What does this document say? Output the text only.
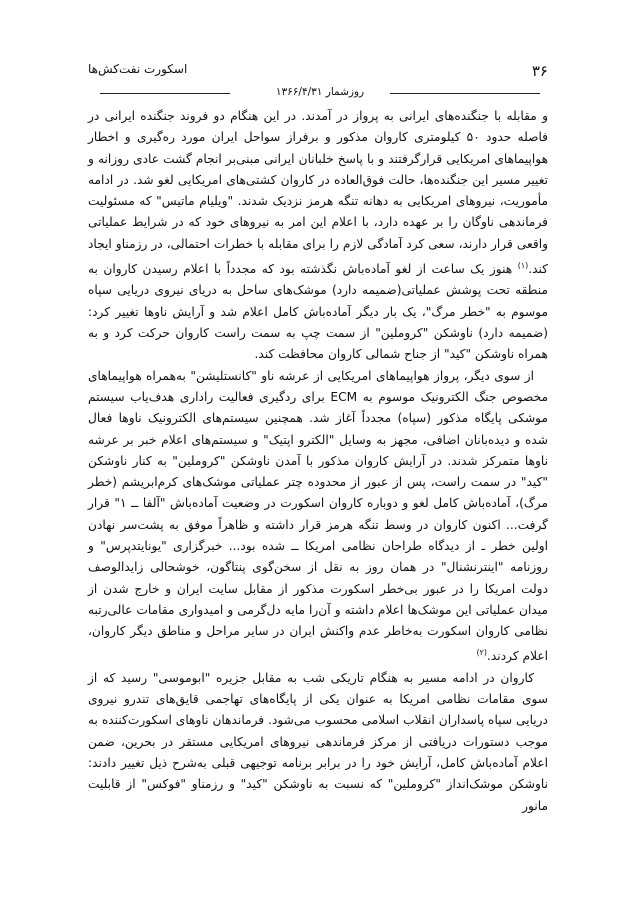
۳۶
اسکورت نفت‌کش‌ها
روزشمار ۱۳۶۶/۴/۳۱

و مقابله با جنگنده‌های ایرانی به پرواز در آمدند. در این هنگام دو فروند جنگنده ایرانی در فاصله حدود ۵۰ کیلومتری کاروان مذکور و برفراز سواحل ایران مورد ره‌گیری و اخطار هواپیماهای امریکایی قرارگرفتند و با پاسخ خلبانان ایرانی مبنی‌بر انجام گشت عادی روزانه و تغییر مسیر این جنگنده‌ها، حالت فوق‌العاده در کاروان کشتی‌های امریکایی لغو شد. در ادامه مأموریت، نیروهای امریکایی به دهانه تنگه هرمز نزدیک شدند. "ویلیام ماتیس" که مسئولیت فرماندهی ناوگان را بر عهده دارد، با اعلام این امر به نیروهای خود که در شرایط عملیاتی واقعی قرار دارند، سعی کرد آمادگی لازم را برای مقابله با خطرات احتمالی، در رزمناو ایجاد کند.$^{(۱)}$ هنوز یک ساعت از لغو آماده‌باش نگذشته بود که مجدداً با اعلام رسیدن کاروان به منطقه تحت پوشش عملیاتی(ضمیمه دارد) موشک‌های ساحل به دریای نیروی دریایی سپاه موسوم به "خطر مرگ"، یک بار دیگر آماده‌باش کامل اعلام شد و آرایش ناوها تغییر کرد: (ضمیمه دارد) ناوشکن "کروملین" از سمت چپ به سمت راست کاروان حرکت کرد و به همراه ناوشکن "کید" از جناح شمالی کاروان محافظت کند.

از سوی دیگر، پرواز هواپیماهای امریکایی از عرشه ناو "کانستلیشن" به‌همراه هواپیماهای مخصوص جنگ الکترونیک موسوم به ECM برای ردگیری فعالیت راداری هدف‌یاب سیستم موشکی پایگاه مذکور (سپاه) مجدداً آغاز شد. همچنین سیستم‌های الکترونیک ناوها فعال شده و دیده‌بانان اضافی، مجهز به وسایل "الکترو اپتیک" و سیستم‌های اعلام خبر بر عرشه ناوها متمرکز شدند. در آرایش کاروان مذکور با آمدن ناوشکن "کروملین" به کنار ناوشکن "کید" در سمت راست، پس از عبور از محدوده چتر عملیاتی موشک‌های کرم‌ابریشم (خطر مرگ)، آماده‌باش کامل لغو و دوباره کاروان اسکورت در وضعیت آماده‌باش "آلفا ــ ۱" قرار گرفت... اکنون کاروان در وسط تنگه هرمز قرار داشته و ظاهراً موفق به پشت‌سر نهادن اولین خطر ـ از دیدگاه طراحان نظامی امریکا ــ شده بود... خبرگزاری "یونایتدپرس" و روزنامه "اینترنشنال" در همان روز به نقل از سخن‌گوی پنتاگون، خوشحالی زایدالوصف دولت امریکا را در عبور بی‌خطر اسکورت مذکور از مقابل سایت ایران و خارج شدن از میدان عملیاتی این موشک‌ها اعلام داشته و آن‌را مایه دل‌گرمی و امیدواری مقامات عالی‌رتبه نظامی کاروان اسکورت به‌خاطر عدم واکنش ایران در سایر مراحل و مناطق دیگر کاروان، اعلام کردند.$^{(۲)}$

کاروان در ادامه مسیر به هنگام تاریکی شب به مقابل جزیره "ابوموسی" رسید که از سوی مقامات نظامی امریکا به عنوان یکی از پایگاه‌های تهاجمی قایق‌های تندرو نیروی دریایی سپاه پاسداران انقلاب اسلامی محسوب می‌شود. فرماندهان ناوهای اسکورت‌کننده به موجب دستورات دریافتی از مرکز فرماندهی نیروهای امریکایی مستقر در بحرین، ضمن اعلام آماده‌باش کامل، آرایش خود را در برابر برنامه توجیهی قبلی به‌شرح ذیل تغییر دادند: ناوشکن موشک‌انداز "کروملین" که نسبت به ناوشکن "کید" و رزمناو "فوکس" از قابلیت مانور
